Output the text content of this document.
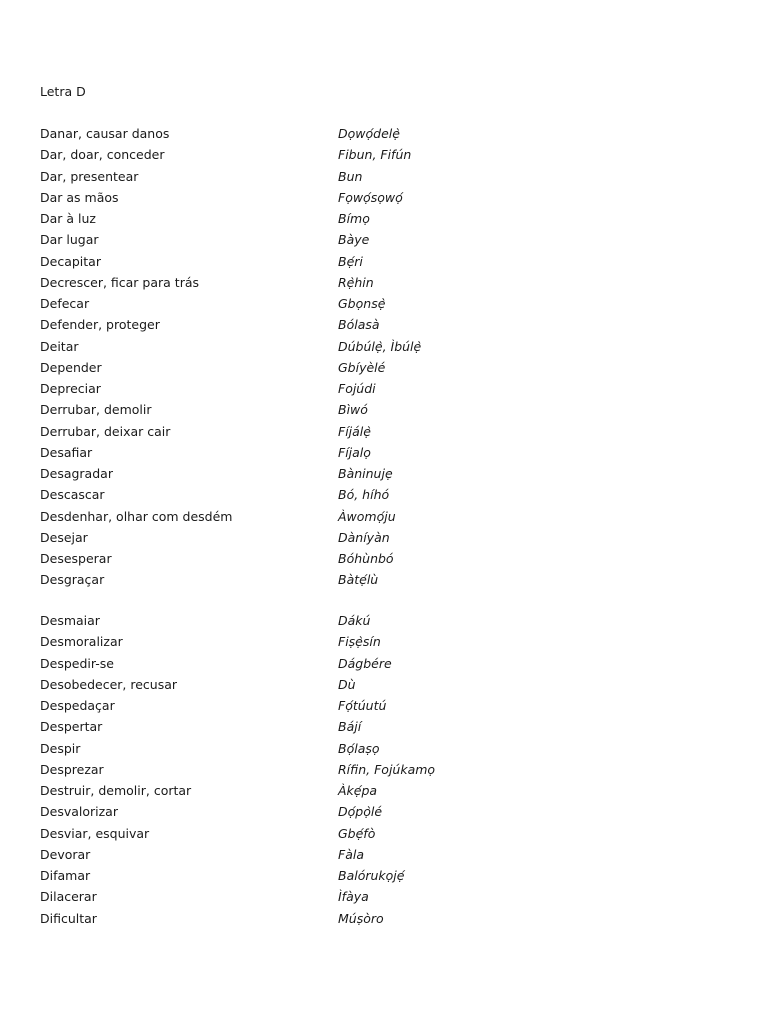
Letra D
Danar, causar danos	Dọwọ́delẹ̀
Dar, doar, conceder	Fibun, Fifún
Dar, presentear	Bun
Dar as mãos	Fọwọ́sọwọ́
Dar à luz	Bímọ
Dar lugar	Bàye
Decapitar	Bẹ́ri
Decrescer, ficar para trás	Rẹ̀hin
Defecar	Gbọnsẹ̀
Defender, proteger	Bólasà
Deitar	Dúbúlẹ̀, Ìbúlẹ̀
Depender	Gbíyèlé
Depreciar	Fojúdi
Derrubar, demolir	Bìwó
Derrubar, deixar cair	Fíjálẹ̀
Desafiar	Fíjalọ
Desagradar	Bàninujẹ
Descascar	Bó, híhó
Desdenhar, olhar com desdém	Àwomọ́ju
Desejar	Dàníyàn
Desesperar	Bóhùnbó
Desgraçar	Bàtẹ́lù
Desmaiar	Dákú
Desmoralizar	Fiṣẹ̀sín
Despedir-se	Dágbére
Desobedecer, recusar	Dù
Despedaçar	Fọ́túutú
Despertar	Bájí
Despir	Bọ́laṣọ
Desprezar	Rífin, Fojúkamọ
Destruir, demolir, cortar	Àkẹ́pa
Desvalorizar	Dọ́pọ̀lé
Desviar, esquivar	Gbẹ́fò
Devorar	Fàla
Difamar	Balórukọjẹ́
Dilacerar	Ìfàya
Dificultar	Múṣòro
